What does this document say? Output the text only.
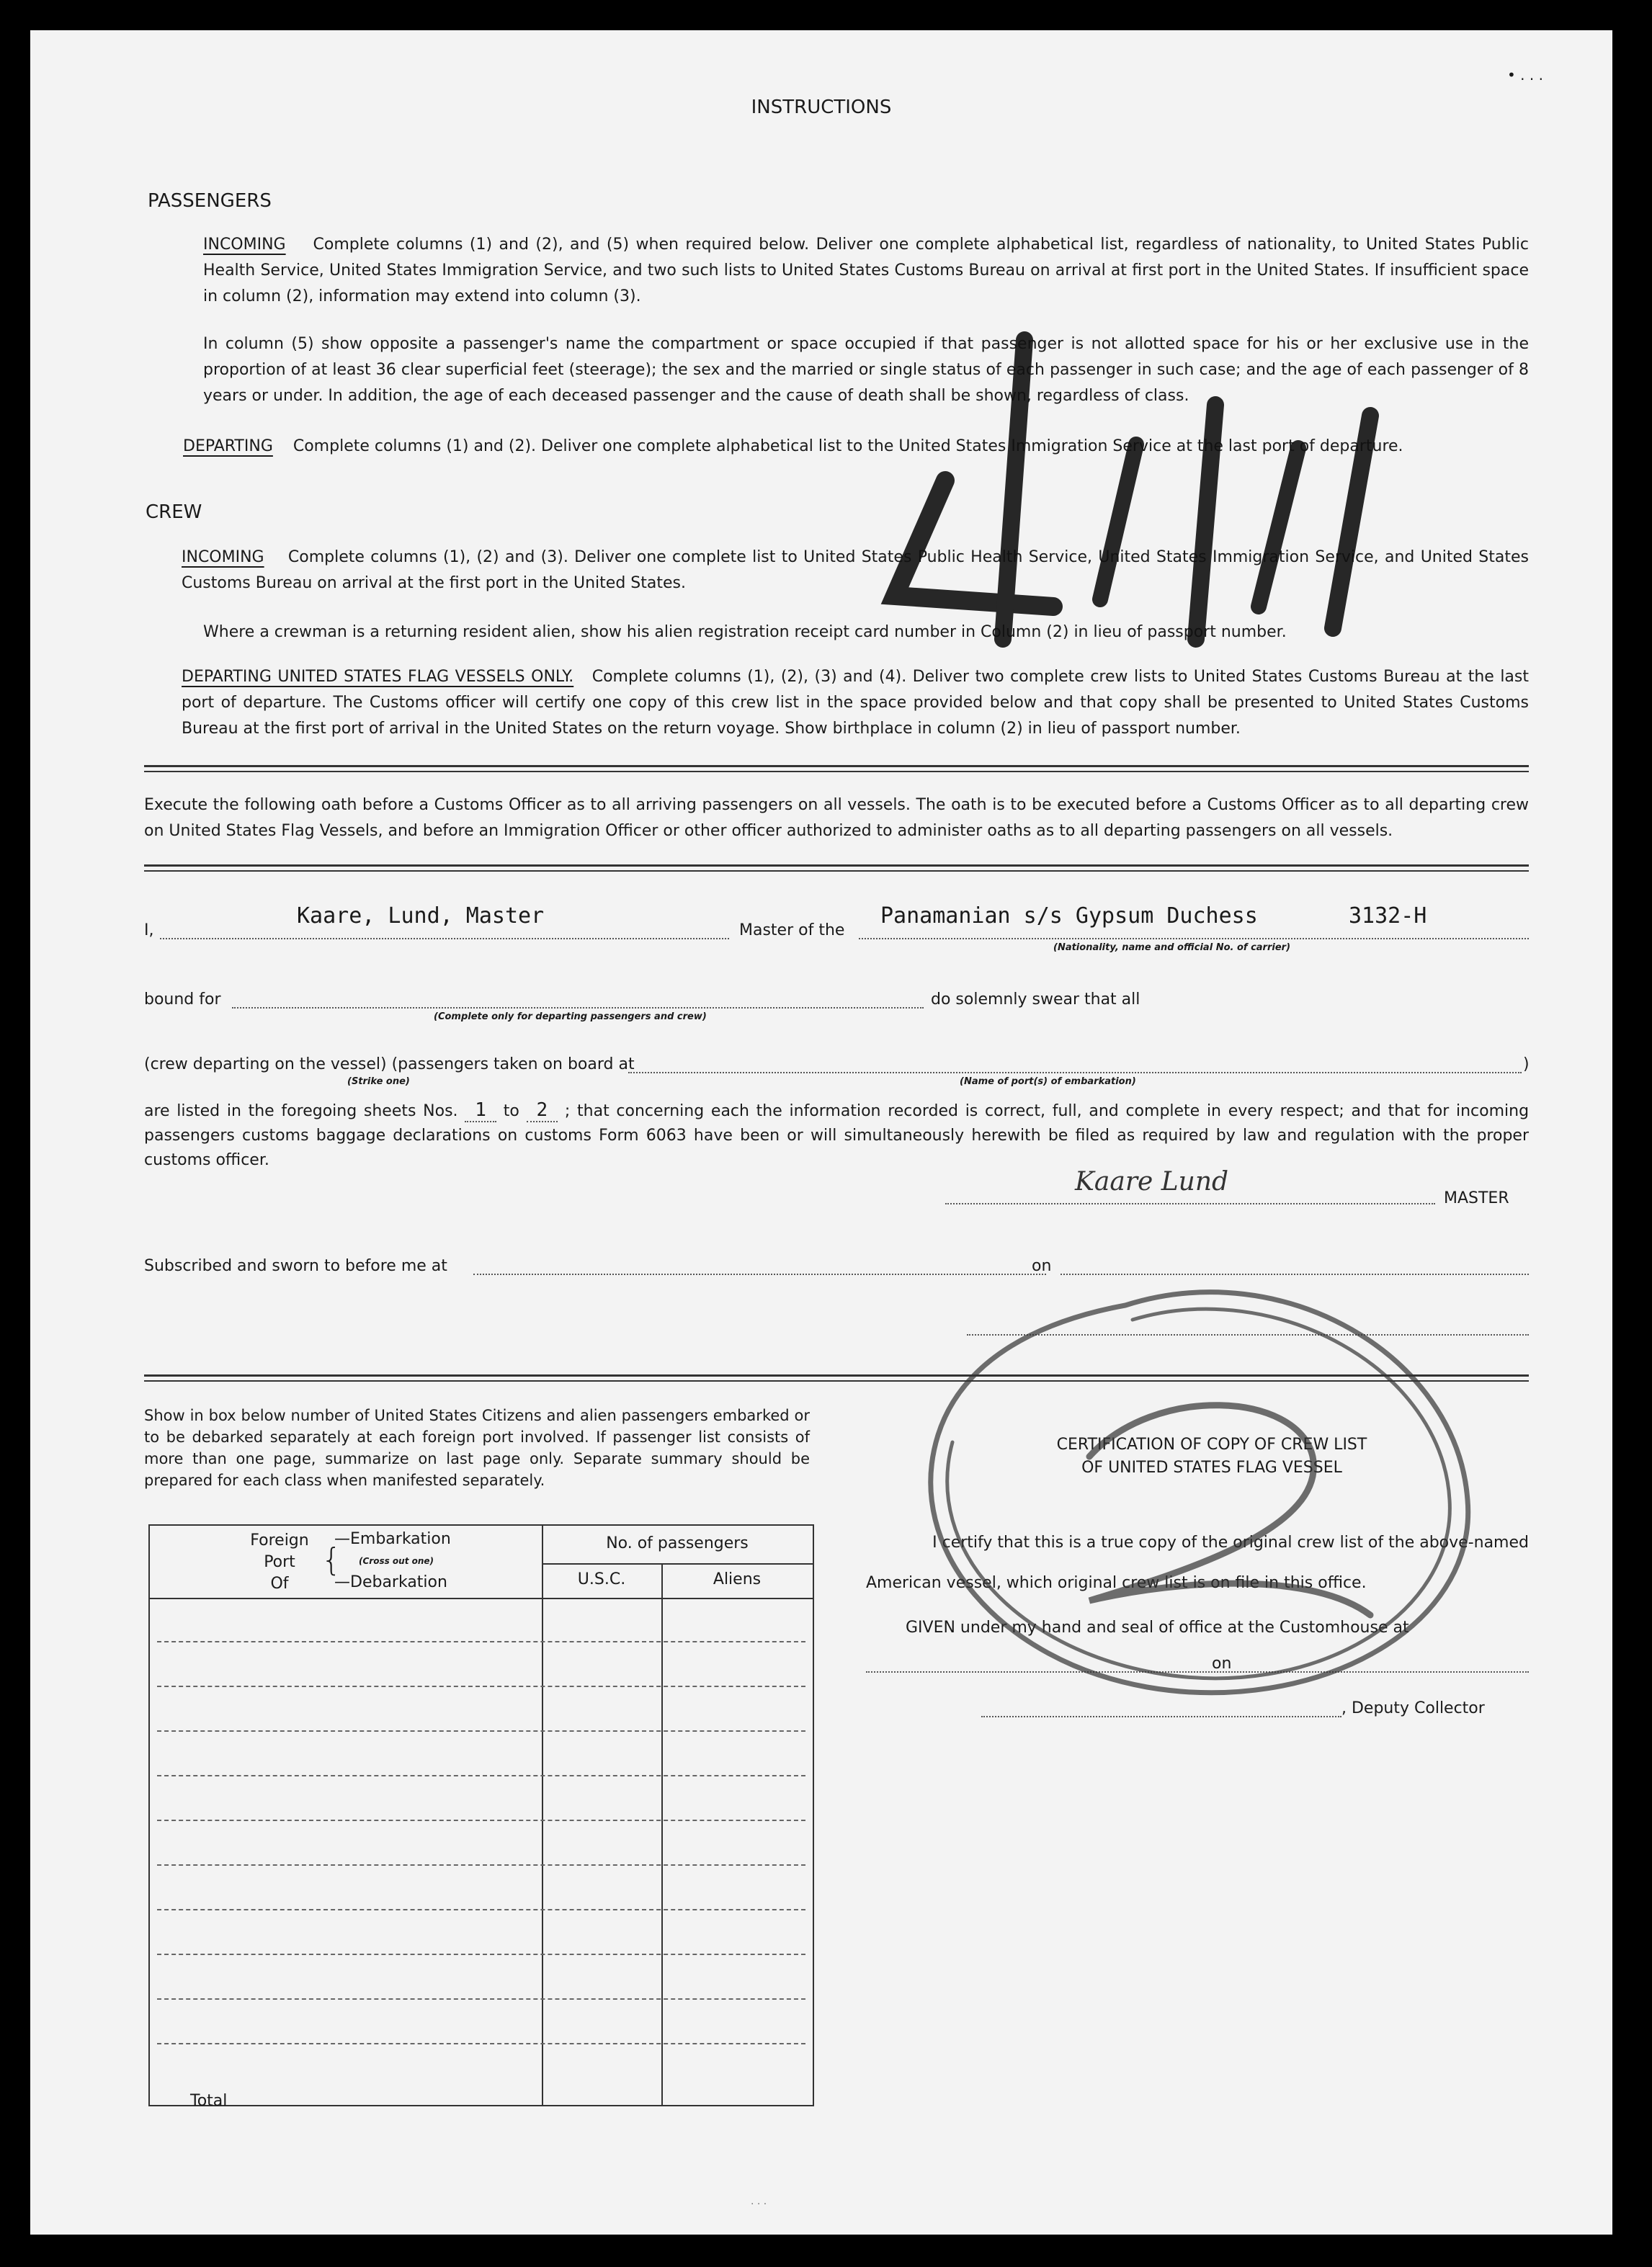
• . . .
INSTRUCTIONS
PASSENGERS
INCOMING Complete columns (1) and (2), and (5) when required below. Deliver one complete alphabetical list, regardless of nationality, to United States Public Health Service, United States Immigration Service, and two such lists to United States Customs Bureau on arrival at first port in the United States. If insufficient space in column (2), information may extend into column (3).
In column (5) show opposite a passenger's name the compartment or space occupied if that passenger is not allotted space for his or her exclusive use in the proportion of at least 36 clear superficial feet (steerage); the sex and the married or single status of each passenger in such case; and the age of each passenger of 8 years or under. In addition, the age of each deceased passenger and the cause of death shall be shown, regardless of class.
DEPARTING Complete columns (1) and (2). Deliver one complete alphabetical list to the United States Immigration Service at the last port of departure.
CREW
INCOMING Complete columns (1), (2) and (3). Deliver one complete list to United States Public Health Service, United States Immigration Service, and United States Customs Bureau on arrival at the first port in the United States.
Where a crewman is a returning resident alien, show his alien registration receipt card number in Column (2) in lieu of passport number.
DEPARTING UNITED STATES FLAG VESSELS ONLY. Complete columns (1), (2), (3) and (4). Deliver two complete crew lists to United States Customs Bureau at the last port of departure. The Customs officer will certify one copy of this crew list in the space provided below and that copy shall be presented to United States Customs Bureau at the first port of arrival in the United States on the return voyage. Show birthplace in column (2) in lieu of passport number.
Execute the following oath before a Customs Officer as to all arriving passengers on all vessels. The oath is to be executed before a Customs Officer as to all departing crew on United States Flag Vessels, and before an Immigration Officer or other officer authorized to administer oaths as to all departing passengers on all vessels.
I,
Kaare, Lund, Master
Master of the
Panamanian s/s Gypsum Duchess	3132-H
(Nationality, name and official No. of carrier)
bound for
(Complete only for departing passengers and crew)
do solemnly swear that all
(crew departing on the vessel) (passengers taken on board at	)
(Strike one)	(Name of port(s) of embarkation)
are listed in the foregoing sheets Nos. 1 to 2 ; that concerning each the information recorded is correct, full, and complete in every respect; and that for incoming passengers customs baggage declarations on customs Form 6063 have been or will simultaneously herewith be filed as required by law and regulation with the proper customs officer.
Kaare Lund
MASTER
Subscribed and sworn to before me at	on
Show in box below number of United States Citizens and alien passengers embarked or to be debarked separately at each foreign port involved. If passenger list consists of more than one page, summarize on last page only. Separate summary should be prepared for each class when manifested separately.
Foreign
Port
Of
{
—Embarkation
(Cross out one)
—Debarkation
No. of passengers
U.S.C.	Aliens
Total
CERTIFICATION OF COPY OF CREW LIST
OF UNITED STATES FLAG VESSEL
I certify that this is a true copy of the original crew list of the above-named
American vessel, which original crew list is on file in this office.
GIVEN under my hand and seal of office at the Customhouse at
on
, Deputy Collector
. . .
